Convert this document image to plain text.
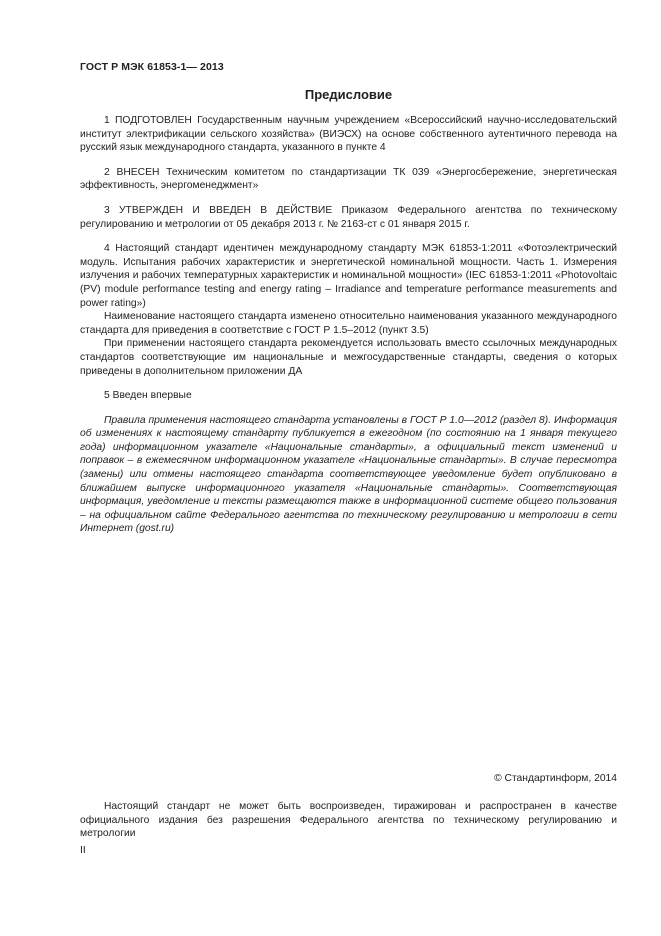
ГОСТ Р МЭК 61853-1— 2013
Предисловие

1 ПОДГОТОВЛЕН Государственным научным учреждением «Всероссийский научно-исследовательский институт электрификации сельского хозяйства» (ВИЭСХ) на основе собственного аутентичного перевода на русский язык международного стандарта, указанного в пункте 4

2 ВНЕСЕН Техническим комитетом по стандартизации ТК 039 «Энергосбережение, энергетическая эффективность, энергоменеджмент»

3 УТВЕРЖДЕН И ВВЕДЕН В ДЕЙСТВИЕ Приказом Федерального агентства по техническому регулированию и метрологии от 05 декабря 2013 г. № 2163-ст с 01 января 2015 г.

4 Настоящий стандарт идентичен международному стандарту МЭК 61853-1:2011 «Фотоэлектрический модуль. Испытания рабочих характеристик и энергетической номинальной мощности. Часть 1. Измерения излучения и рабочих температурных характеристик и номинальной мощности» (IEC 61853-1:2011 «Photovoltaic (PV) module performance testing and energy rating – Irradiance and temperature performance measurements and power rating»)

Наименование настоящего стандарта изменено относительно наименования указанного международного стандарта для приведения в соответствие с ГОСТ Р 1.5–2012 (пункт 3.5)

При применении настоящего стандарта рекомендуется использовать вместо ссылочных международных стандартов соответствующие им национальные и межгосударственные стандарты, сведения о которых приведены в дополнительном приложении ДА

5 Введен впервые

Правила применения настоящего стандарта установлены в ГОСТ Р 1.0—2012 (раздел 8). Информация об изменениях к настоящему стандарту публикуется в ежегодном (по состоянию на 1 января текущего года) информационном указателе «Национальные стандарты», а официальный текст изменений и поправок – в ежемесячном информационном указателе «Национальные стандарты». В случае пересмотра (замены) или отмены настоящего стандарта соответствующее уведомление будет опубликовано в ближайшем выпуске информационного указателя «Национальные стандарты». Соответствующая информация, уведомление и тексты размещаются также в информационной системе общего пользования – на официальном сайте Федерального агентства по техническому регулированию и метрологии в сети Интернет (gost.ru)

© Стандартинформ, 2014

Настоящий стандарт не может быть воспроизведен, тиражирован и распространен в качестве официального издания без разрешения Федерального агентства по техническому регулированию и метрологии

II
